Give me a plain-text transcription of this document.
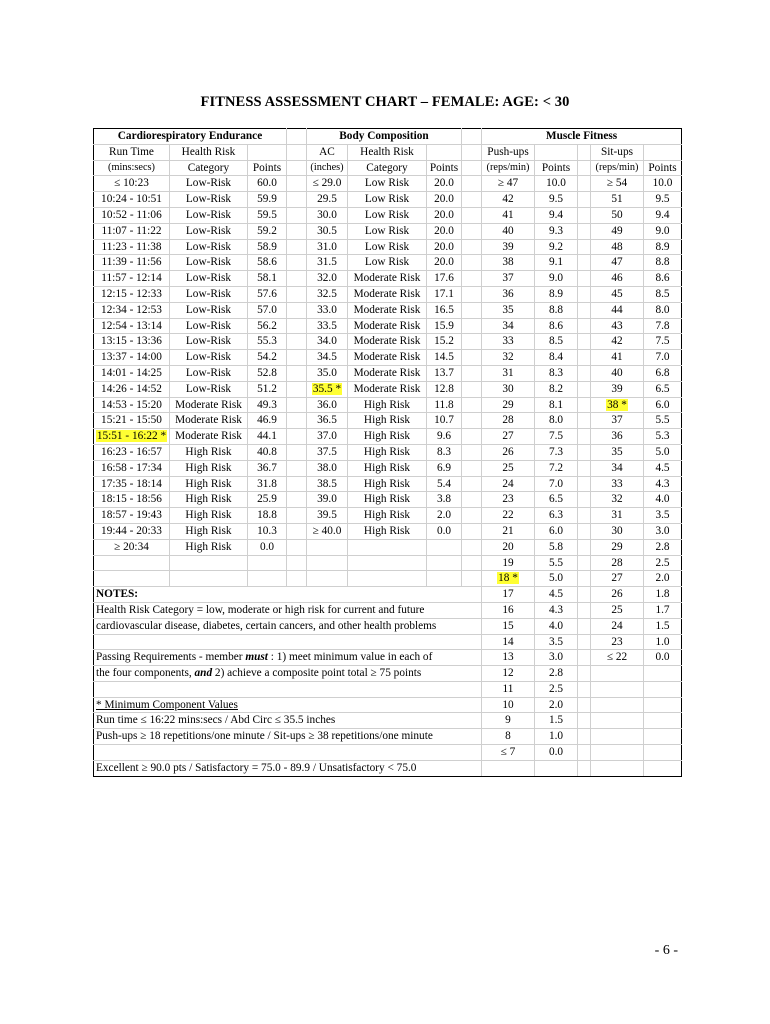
FITNESS ASSESSMENT CHART – FEMALE: AGE: < 30
Cardiorespiratory Endurance				Body Composition				Muscle Fitness				
Run Time	Health Risk			AC	Health Risk			Push-ups			Sit-ups	
(mins:secs)	Category	Points		(inches)	Category	Points		(reps/min)	Points		(reps/min)	Points
≤ 10:23	Low-Risk	60.0		≤ 29.0	Low Risk	20.0		≥ 47	10.0		≥ 54	10.0
10:24 - 10:51	Low-Risk	59.9		29.5	Low Risk	20.0		42	9.5		51	9.5
10:52 - 11:06	Low-Risk	59.5		30.0	Low Risk	20.0		41	9.4		50	9.4
11:07 - 11:22	Low-Risk	59.2		30.5	Low Risk	20.0		40	9.3		49	9.0
11:23 - 11:38	Low-Risk	58.9		31.0	Low Risk	20.0		39	9.2		48	8.9
11:39 - 11:56	Low-Risk	58.6		31.5	Low Risk	20.0		38	9.1		47	8.8
11:57 - 12:14	Low-Risk	58.1		32.0	Moderate Risk	17.6		37	9.0		46	8.6
12:15 - 12:33	Low-Risk	57.6		32.5	Moderate Risk	17.1		36	8.9		45	8.5
12:34 - 12:53	Low-Risk	57.0		33.0	Moderate Risk	16.5		35	8.8		44	8.0
12:54 - 13:14	Low-Risk	56.2		33.5	Moderate Risk	15.9		34	8.6		43	7.8
13:15 - 13:36	Low-Risk	55.3		34.0	Moderate Risk	15.2		33	8.5		42	7.5
13:37 - 14:00	Low-Risk	54.2		34.5	Moderate Risk	14.5		32	8.4		41	7.0
14:01 - 14:25	Low-Risk	52.8		35.0	Moderate Risk	13.7		31	8.3		40	6.8
14:26 - 14:52	Low-Risk	51.2		35.5 *	Moderate Risk	12.8		30	8.2		39	6.5
14:53 - 15:20	Moderate Risk	49.3		36.0	High Risk	11.8		29	8.1		38 *	6.0
15:21 - 15:50	Moderate Risk	46.9		36.5	High Risk	10.7		28	8.0		37	5.5
15:51 - 16:22 *	Moderate Risk	44.1		37.0	High Risk	9.6		27	7.5		36	5.3
16:23 - 16:57	High Risk	40.8		37.5	High Risk	8.3		26	7.3		35	5.0
16:58 - 17:34	High Risk	36.7		38.0	High Risk	6.9		25	7.2		34	4.5
17:35 - 18:14	High Risk	31.8		38.5	High Risk	5.4		24	7.0		33	4.3
18:15 - 18:56	High Risk	25.9		39.0	High Risk	3.8		23	6.5		32	4.0
18:57 - 19:43	High Risk	18.8		39.5	High Risk	2.0		22	6.3		31	3.5
19:44 - 20:33	High Risk	10.3		≥ 40.0	High Risk	0.0		21	6.0		30	3.0
≥ 20:34	High Risk	0.0						20	5.8		29	2.8
								19	5.5		28	2.5
								18 *	5.0		27	2.0
NOTES:								17	4.5		26	1.8
Health Risk Category = low, moderate or high risk for current and future								16	4.3		25	1.7
cardiovascular disease, diabetes, certain cancers, and other health problems								15	4.0		24	1.5
								14	3.5		23	1.0
Passing Requirements - member must : 1) meet minimum value in each of								13	3.0		≤ 22	0.0
the four components, and 2) achieve a composite point total ≥ 75 points								12	2.8			
								11	2.5			
* Minimum Component Values								10	2.0			
Run time ≤ 16:22 mins:secs / Abd Circ ≤ 35.5 inches								9	1.5			
Push-ups ≥ 18 repetitions/one minute / Sit-ups ≥ 38 repetitions/one minute								8	1.0			
								≤ 7	0.0			
Excellent ≥ 90.0 pts / Satisfactory = 75.0 - 89.9 / Unsatisfactory < 75.0												
- 6 -
